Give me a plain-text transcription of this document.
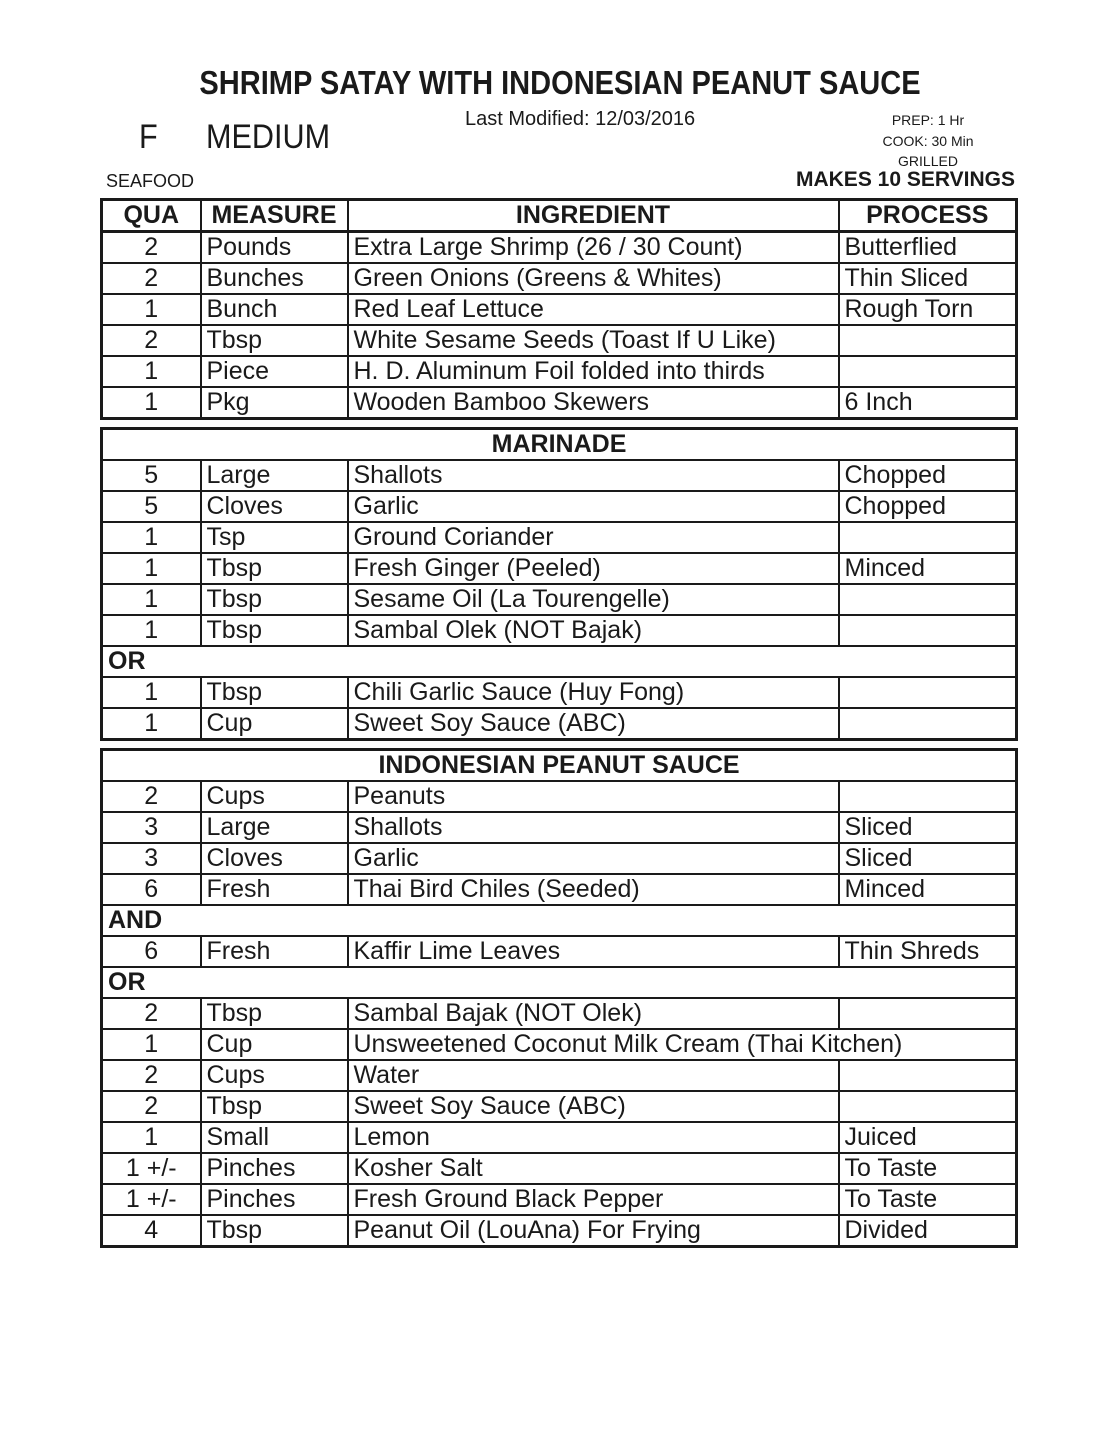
SHRIMP SATAY WITH INDONESIAN PEANUT SAUCE
Last Modified: 12/03/2016
F MEDIUM	PREP: 1 Hr
COOK: 30 Min
GRILLED
SEAFOOD	MAKES 10 SERVINGS
QUA	MEASURE	INGREDIENT	PROCESS
2	Pounds	Extra Large Shrimp (26 / 30 Count)	Butterflied
2	Bunches	Green Onions (Greens & Whites)	Thin Sliced
1	Bunch	Red Leaf Lettuce	Rough Torn
2	Tbsp	White Sesame Seeds (Toast If U Like)	
1	Piece	H. D. Aluminum Foil folded into thirds	
1	Pkg	Wooden Bamboo Skewers	6 Inch
MARINADE			
5	Large	Shallots	Chopped
5	Cloves	Garlic	Chopped
1	Tsp	Ground Coriander	
1	Tbsp	Fresh Ginger (Peeled)	Minced
1	Tbsp	Sesame Oil (La Tourengelle)	
1	Tbsp	Sambal Olek (NOT Bajak)	
OR			
1	Tbsp	Chili Garlic Sauce (Huy Fong)	
1	Cup	Sweet Soy Sauce (ABC)	
INDONESIAN PEANUT SAUCE			
2	Cups	Peanuts	
3	Large	Shallots	Sliced
3	Cloves	Garlic	Sliced
6	Fresh	Thai Bird Chiles (Seeded)	Minced
AND			
6	Fresh	Kaffir Lime Leaves	Thin Shreds
OR			
2	Tbsp	Sambal Bajak (NOT Olek)	
1	Cup	Unsweetened Coconut Milk Cream (Thai Kitchen)	
2	Cups	Water	
2	Tbsp	Sweet Soy Sauce (ABC)	
1	Small	Lemon	Juiced
1 +/-	Pinches	Kosher Salt	To Taste
1 +/-	Pinches	Fresh Ground Black Pepper	To Taste
4	Tbsp	Peanut Oil (LouAna) For Frying	Divided
